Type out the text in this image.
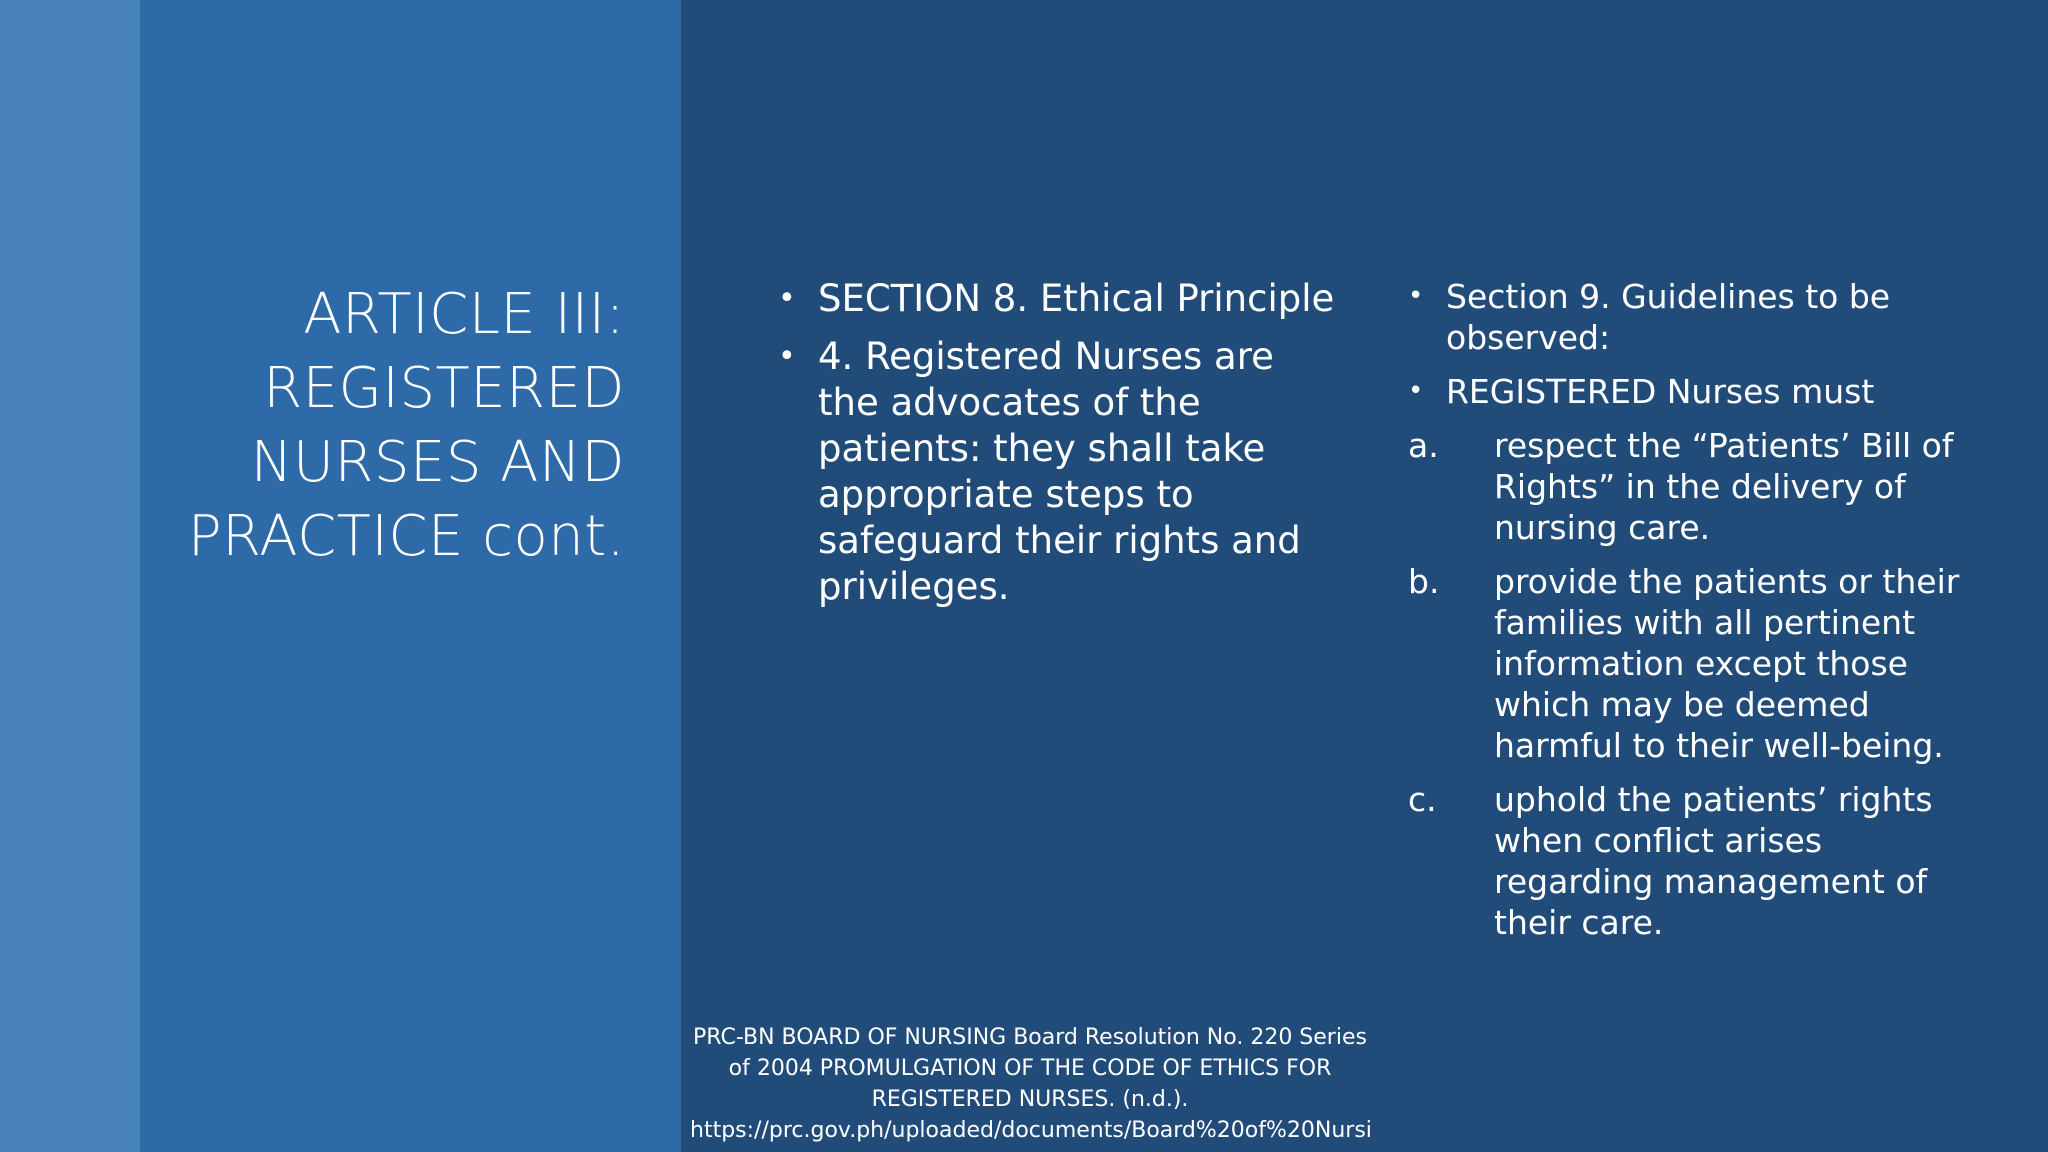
ARTICLE III:
REGISTERED
NURSES AND
PRACTICE cont.
• SECTION 8. Ethical Principle
• 4. Registered Nurses are the advocates of the patients: they shall take appropriate steps to safeguard their rights and privileges.
• Section 9. Guidelines to be observed:
• REGISTERED Nurses must
a. respect the “Patients’ Bill of Rights” in the delivery of nursing care.
b. provide the patients or their families with all pertinent information except those which may be deemed harmful to their well-being.
c. uphold the patients’ rights when conflict arises regarding management of their care.
PRC-BN BOARD OF NURSING Board Resolution No. 220 Series of 2004 PROMULGATION OF THE CODE OF ETHICS FOR REGISTERED NURSES. (n.d.). https://prc.gov.ph/uploaded/documents/Board%20of%20Nursi
